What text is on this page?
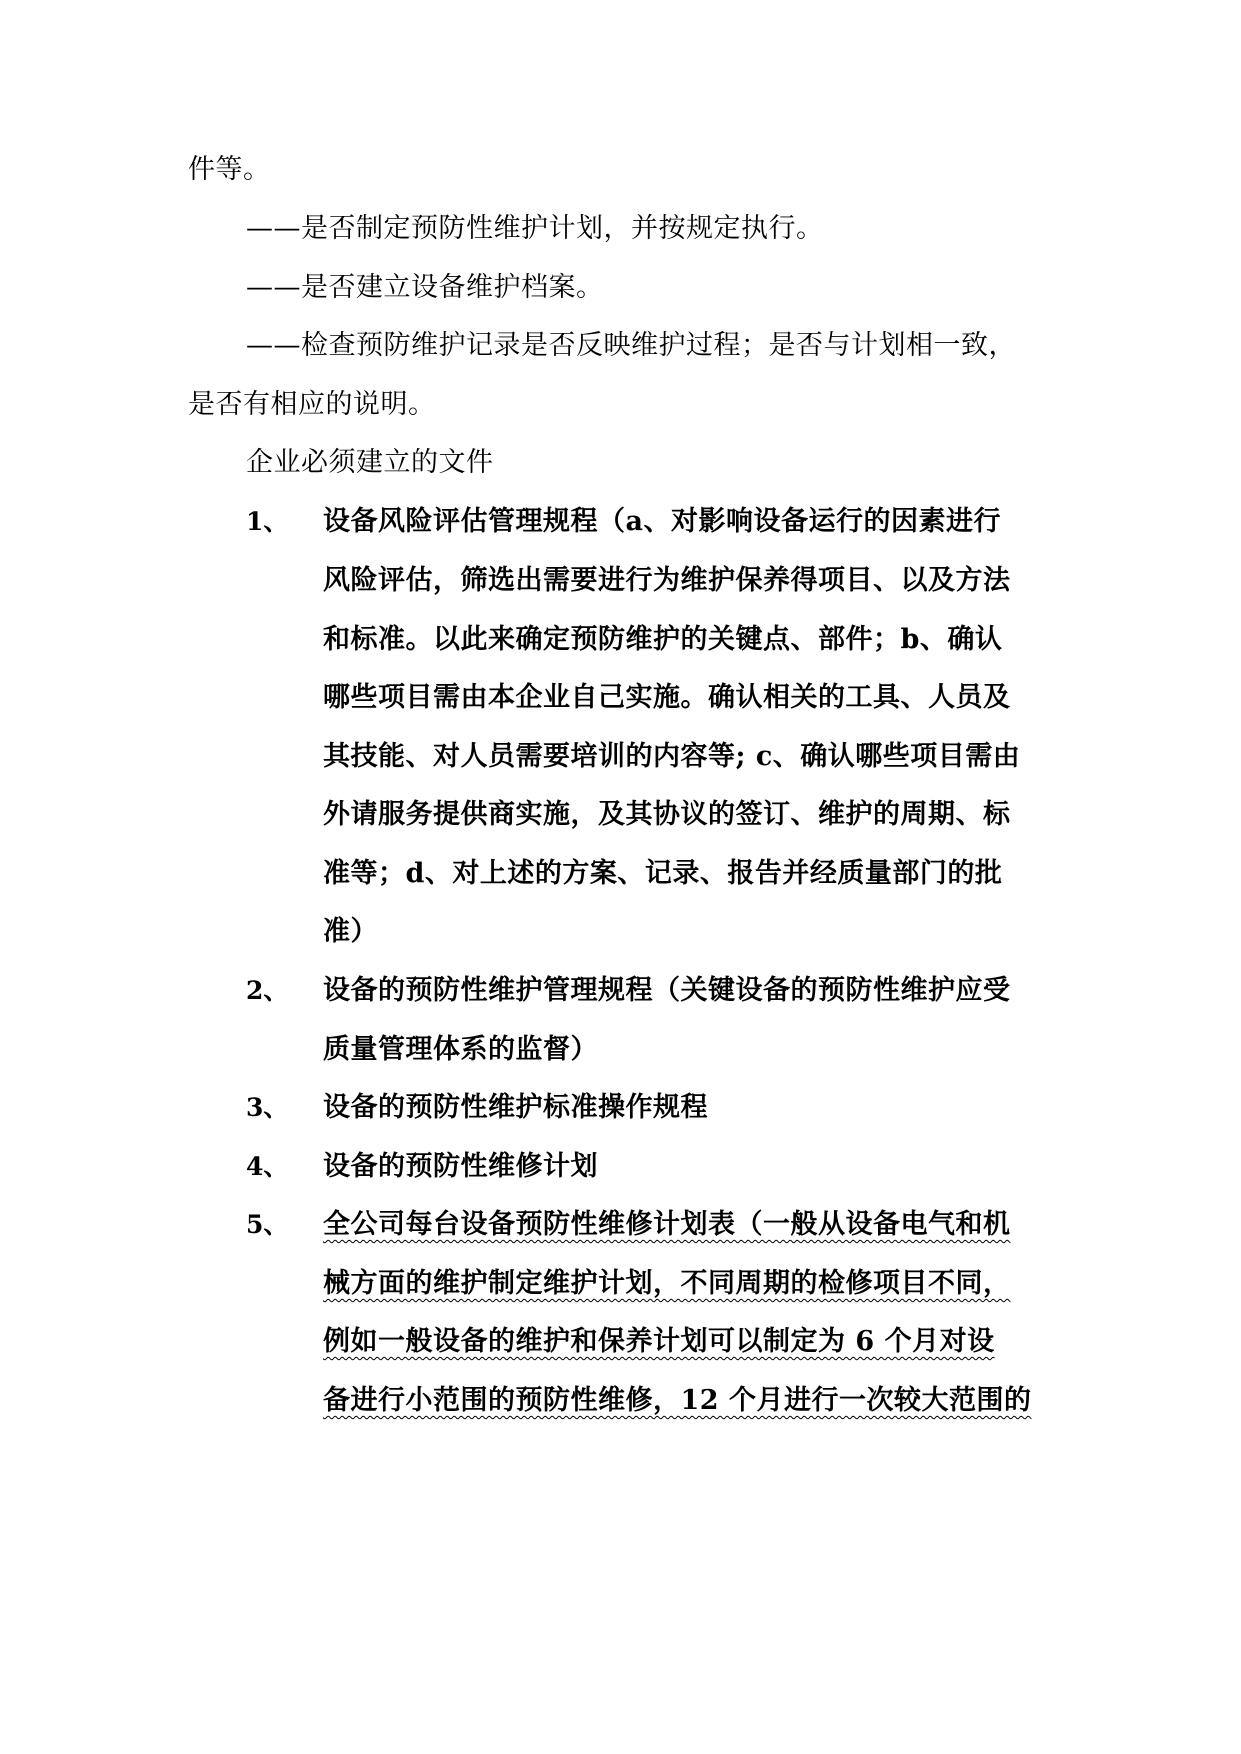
件等。
——是否制定预防性维护计划，并按规定执行。
——是否建立设备维护档案。
——检查预防维护记录是否反映维护过程；是否与计划相一致，
是否有相应的说明。
企业必须建立的文件
1、 设备风险评估管理规程（a、对影响设备运行的因素进行
风险评估，筛选出需要进行为维护保养得项目、以及方法
和标准。以此来确定预防维护的关键点、部件；b、确认
哪些项目需由本企业自己实施。确认相关的工具、人员及
其技能、对人员需要培训的内容等; c、确认哪些项目需由
外请服务提供商实施，及其协议的签订、维护的周期、标
准等；d、对上述的方案、记录、报告并经质量部门的批
准）
2、 设备的预防性维护管理规程（关键设备的预防性维护应受
质量管理体系的监督）
3、 设备的预防性维护标准操作规程
4、 设备的预防性维修计划
5、 全公司每台设备预防性维修计划表（一般从设备电气和机
械方面的维护制定维护计划，不同周期的检修项目不同，
例如一般设备的维护和保养计划可以制定为 6 个月对设
备进行小范围的预防性维修，12 个月进行一次较大范围的
